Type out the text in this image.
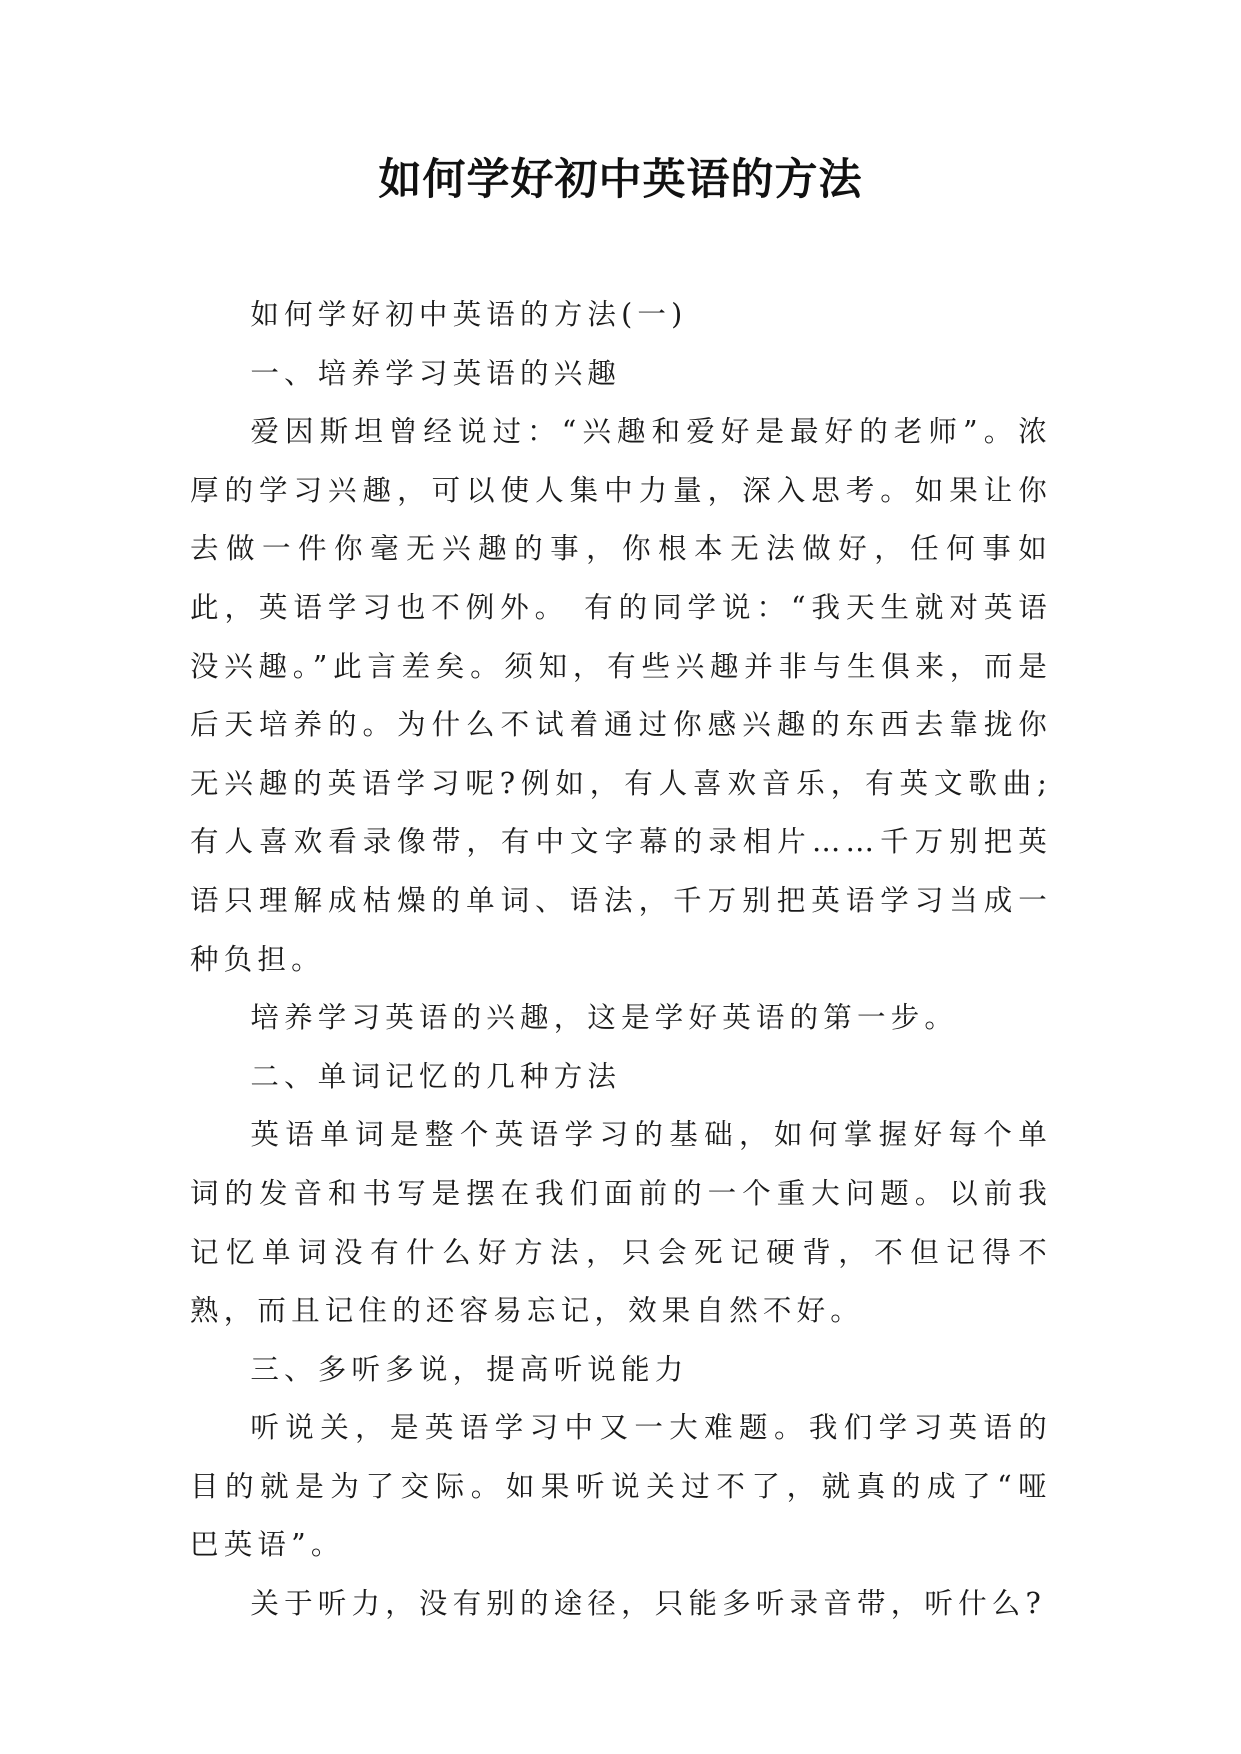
如何学好初中英语的方法

如何学好初中英语的方法(一)

一、培养学习英语的兴趣

爱因斯坦曾经说过：“兴趣和爱好是最好的老师”。浓厚的学习兴趣，可以使人集中力量，深入思考。如果让你去做一件你毫无兴趣的事，你根本无法做好，任何事如此，英语学习也不例外。 有的同学说：“我天生就对英语没兴趣。”此言差矣。须知，有些兴趣并非与生俱来，而是后天培养的。为什么不试着通过你感兴趣的东西去靠拢你无兴趣的英语学习呢?例如，有人喜欢音乐，有英文歌曲;有人喜欢看录像带，有中文字幕的录相片……千万别把英语只理解成枯燥的单词、语法，千万别把英语学习当成一种负担。

培养学习英语的兴趣，这是学好英语的第一步。

二、单词记忆的几种方法

英语单词是整个英语学习的基础，如何掌握好每个单词的发音和书写是摆在我们面前的一个重大问题。以前我记忆单词没有什么好方法，只会死记硬背，不但记得不熟，而且记住的还容易忘记，效果自然不好。

三、多听多说，提高听说能力

听说关，是英语学习中又一大难题。我们学习英语的目的就是为了交际。如果听说关过不了，就真的成了“哑巴英语”。

关于听力，没有别的途径，只能多听录音带，听什么?
